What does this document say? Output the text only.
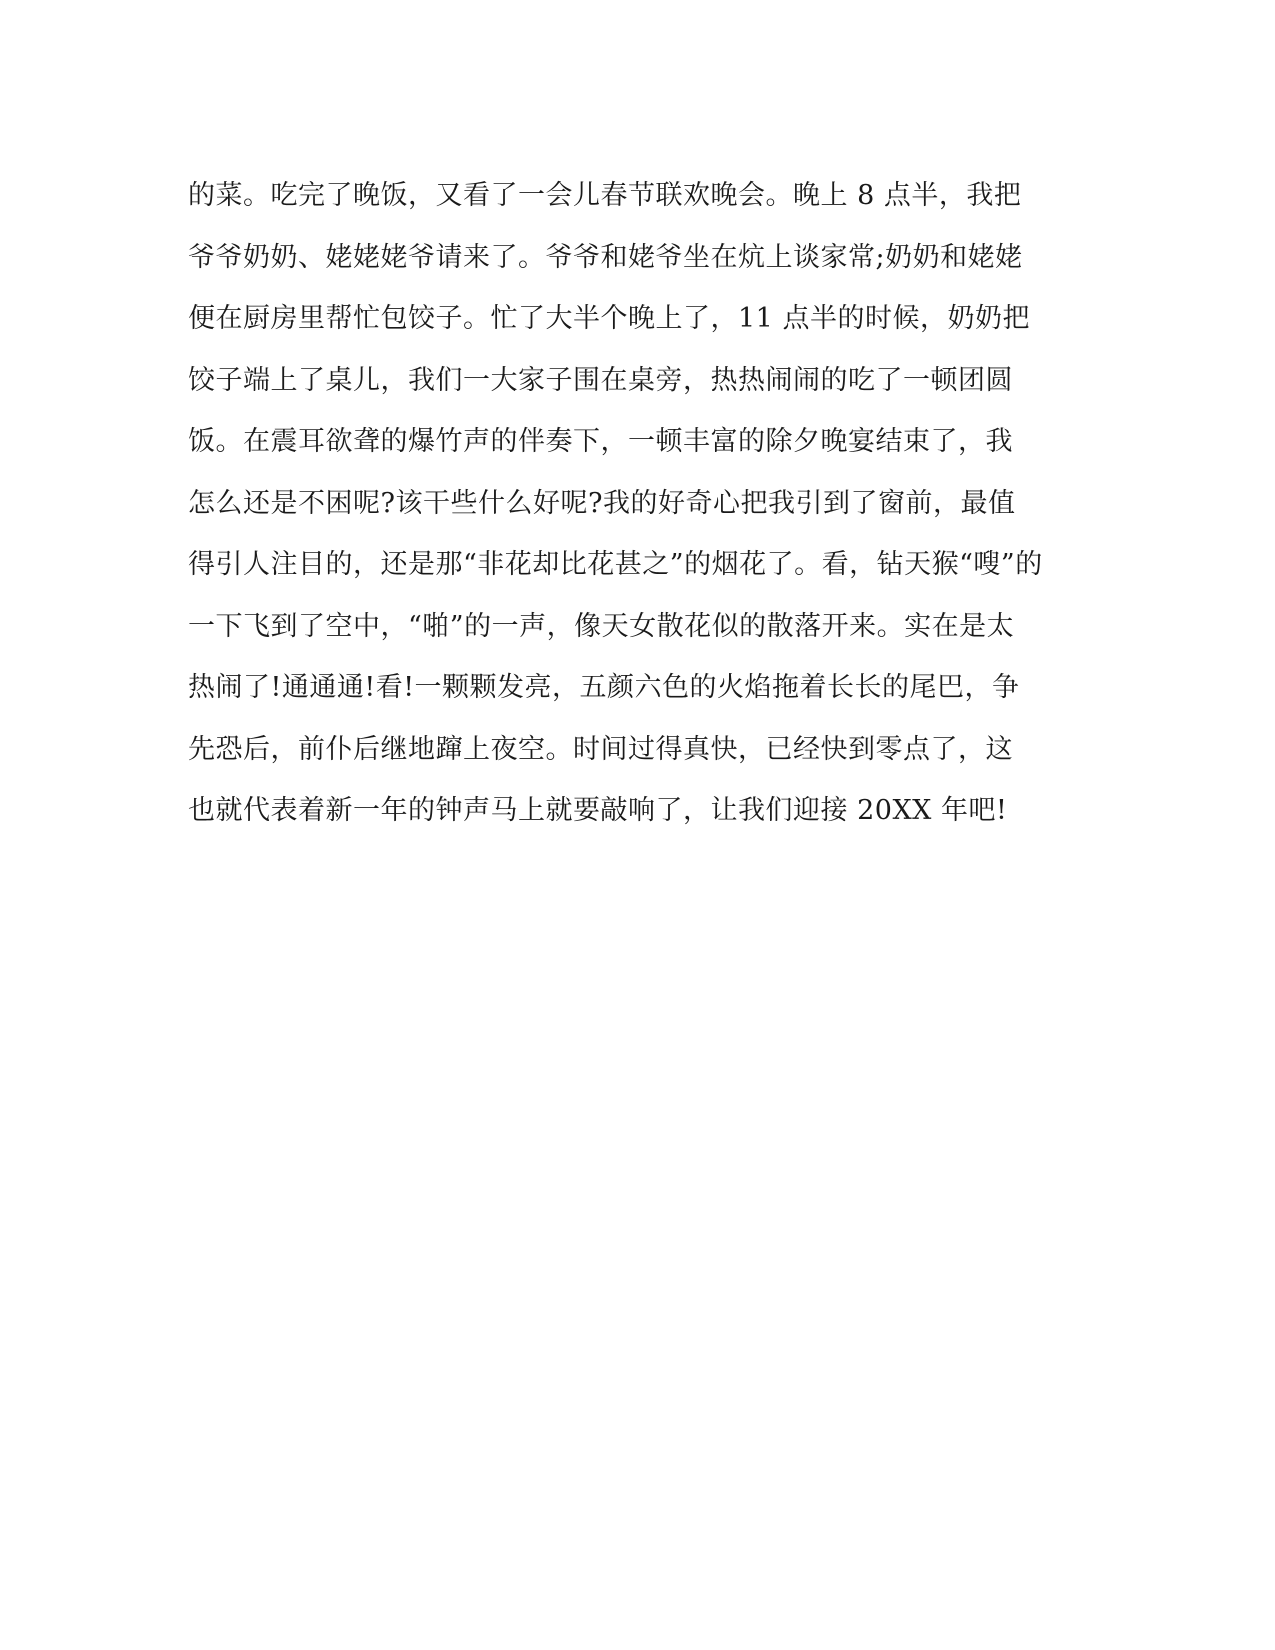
的菜。吃完了晚饭，又看了一会儿春节联欢晚会。晚上 8 点半，我把
爷爷奶奶、姥姥姥爷请来了。爷爷和姥爷坐在炕上谈家常;奶奶和姥姥
便在厨房里帮忙包饺子。忙了大半个晚上了，11 点半的时候，奶奶把
饺子端上了桌儿，我们一大家子围在桌旁，热热闹闹的吃了一顿团圆
饭。在震耳欲聋的爆竹声的伴奏下，一顿丰富的除夕晚宴结束了，我
怎么还是不困呢?该干些什么好呢?我的好奇心把我引到了窗前，最值
得引人注目的，还是那“非花却比花甚之”的烟花了。看，钻天猴“嗖”的
一下飞到了空中，“啪”的一声，像天女散花似的散落开来。实在是太
热闹了!通通通!看!一颗颗发亮，五颜六色的火焰拖着长长的尾巴，争
先恐后，前仆后继地蹿上夜空。时间过得真快，已经快到零点了，这
也就代表着新一年的钟声马上就要敲响了，让我们迎接 20XX 年吧!
